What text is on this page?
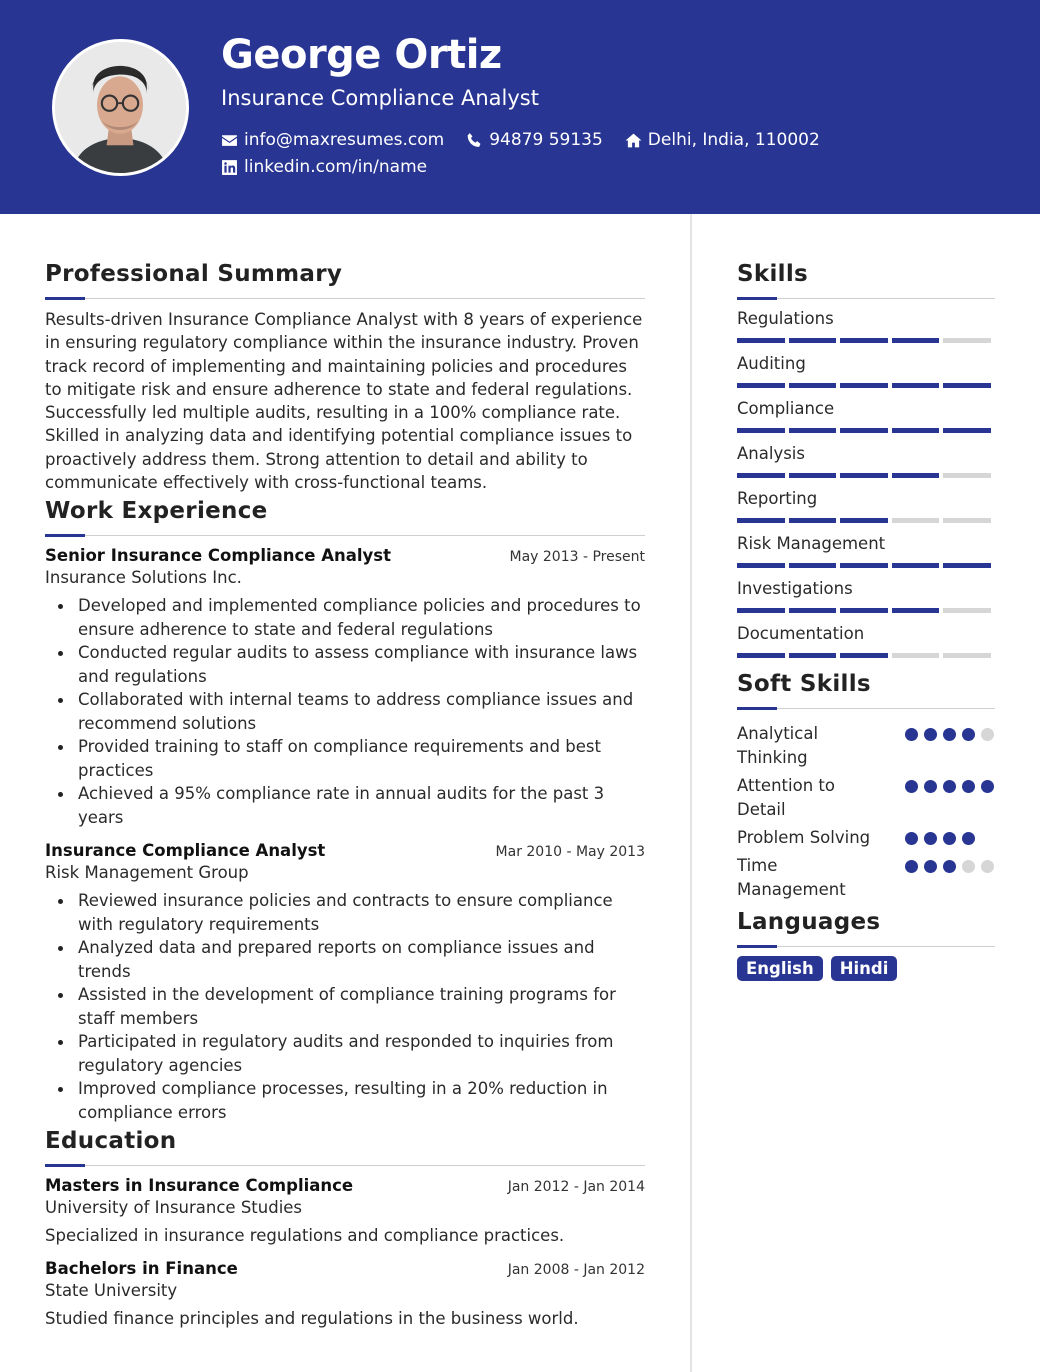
George Ortiz
Insurance Compliance Analyst
info@maxresumes.com	94879 59135	Delhi, India, 110002
linkedin.com/in/name
Professional Summary

Results-driven Insurance Compliance Analyst with 8 years of experience in ensuring regulatory compliance within the insurance industry. Proven track record of implementing and maintaining policies and procedures to mitigate risk and ensure adherence to state and federal regulations. Successfully led multiple audits, resulting in a 100% compliance rate. Skilled in analyzing data and identifying potential compliance issues to proactively address them. Strong attention to detail and ability to communicate effectively with cross-functional teams.

Work Experience
Senior Insurance Compliance Analyst	May 2013 - Present
Insurance Solutions Inc.
Developed and implemented compliance policies and procedures to ensure adherence to state and federal regulations
Conducted regular audits to assess compliance with insurance laws and regulations
Collaborated with internal teams to address compliance issues and recommend solutions
Provided training to staff on compliance requirements and best practices
Achieved a 95% compliance rate in annual audits for the past 3 years
Insurance Compliance Analyst	Mar 2010 - May 2013
Risk Management Group
Reviewed insurance policies and contracts to ensure compliance with regulatory requirements
Analyzed data and prepared reports on compliance issues and trends
Assisted in the development of compliance training programs for staff members
Participated in regulatory audits and responded to inquiries from regulatory agencies
Improved compliance processes, resulting in a 20% reduction in compliance errors
Education
Masters in Insurance Compliance	Jan 2012 - Jan 2014
University of Insurance Studies
Specialized in insurance regulations and compliance practices.
Bachelors in Finance	Jan 2008 - Jan 2012
State University
Studied finance principles and regulations in the business world.
Skills
Regulations
Auditing
Compliance
Analysis
Reporting
Risk Management
Investigations
Documentation
Soft Skills
Analytical Thinking
Attention to Detail
Problem Solving
Time Management
Languages
English	Hindi
